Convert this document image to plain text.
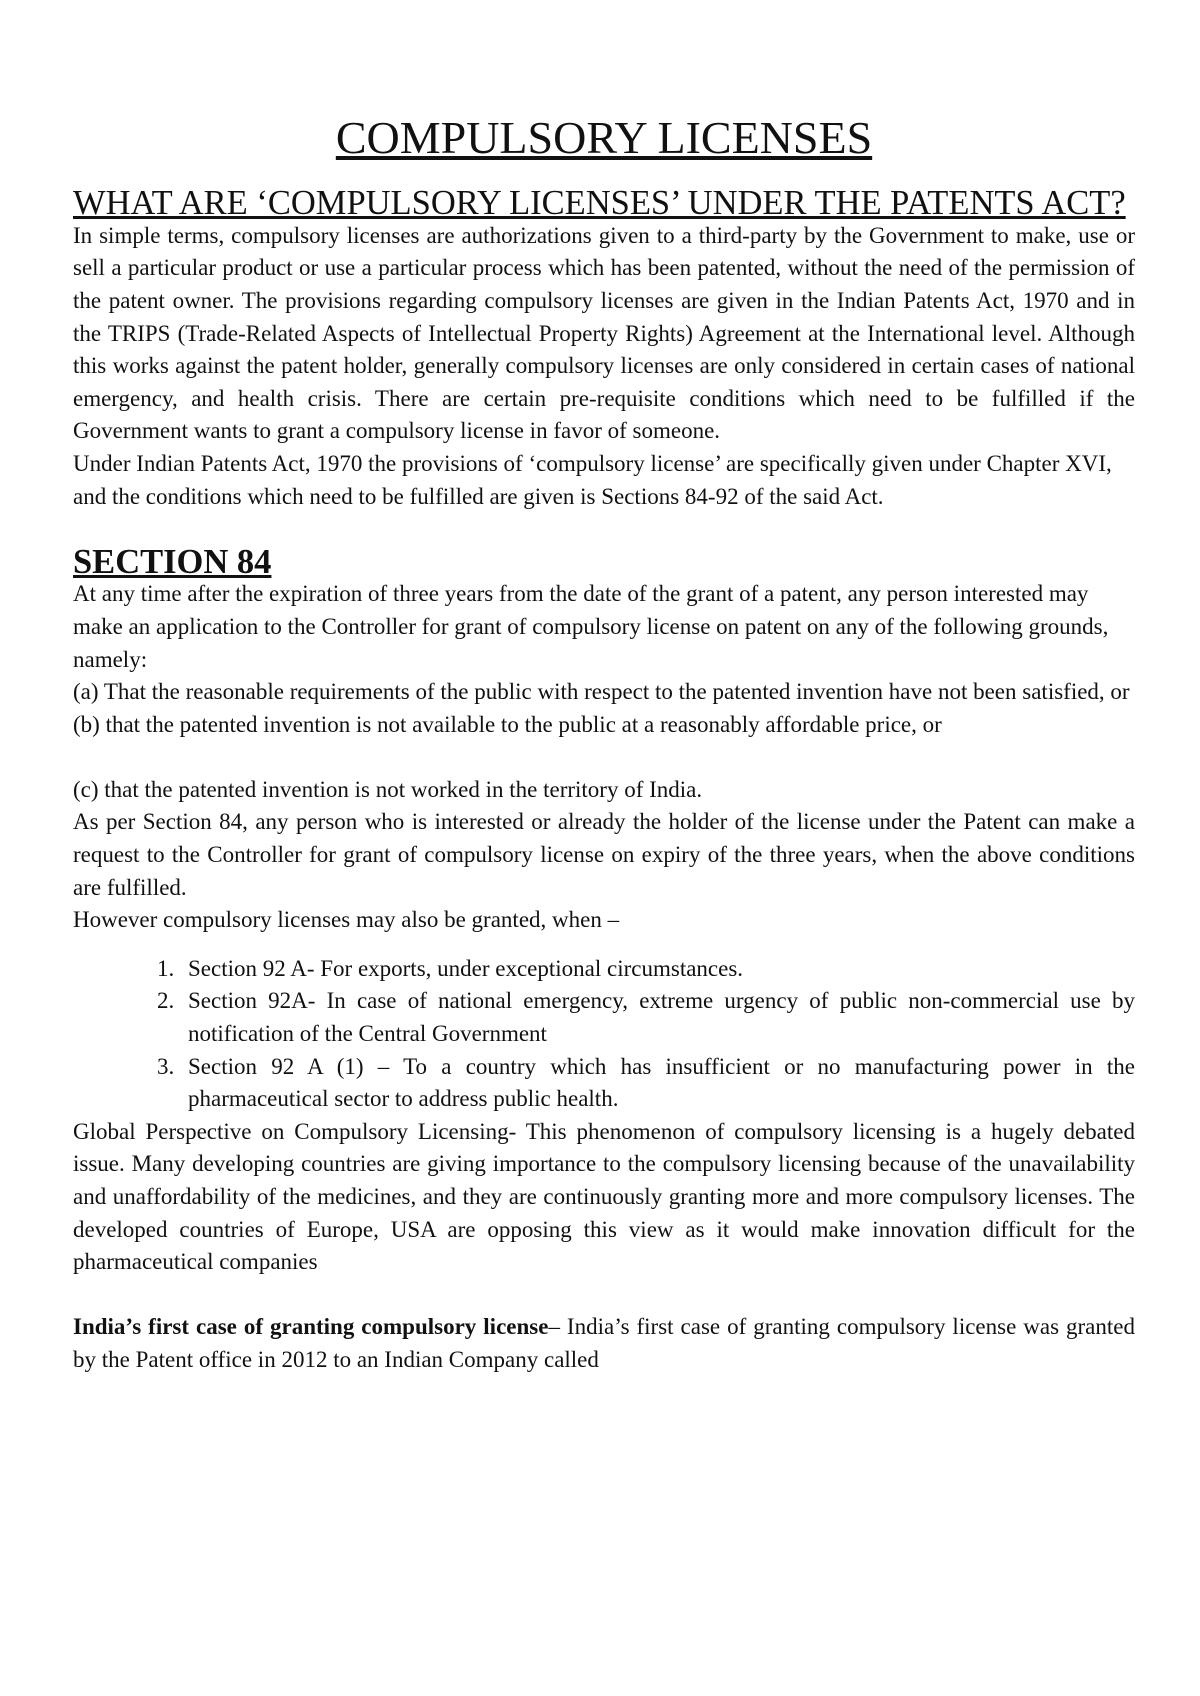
COMPULSORY LICENSES
WHAT ARE ‘COMPULSORY LICENSES’ UNDER THE PATENTS ACT?

In simple terms, compulsory licenses are authorizations given to a third-party by the Government to make, use or sell a particular product or use a particular process which has been patented, without the need of the permission of the patent owner. The provisions regarding compulsory licenses are given in the Indian Patents Act, 1970 and in the TRIPS (Trade-Related Aspects of Intellectual Property Rights) Agreement at the International level. Although this works against the patent holder, generally compulsory licenses are only considered in certain cases of national emergency, and health crisis. There are certain pre-requisite conditions which need to be fulfilled if the Government wants to grant a compulsory license in favor of someone.

Under Indian Patents Act, 1970 the provisions of ‘compulsory license’ are specifically given under Chapter XVI, and the conditions which need to be fulfilled are given is Sections 84-92 of the said Act.

SECTION 84

At any time after the expiration of three years from the date of the grant of a patent, any person interested may make an application to the Controller for grant of compulsory license on patent on any of the following grounds, namely:

(a) That the reasonable requirements of the public with respect to the patented invention have not been satisfied, or

(b) that the patented invention is not available to the public at a reasonably affordable price, or

(c) that the patented invention is not worked in the territory of India.

As per Section 84, any person who is interested or already the holder of the license under the Patent can make a request to the Controller for grant of compulsory license on expiry of the three years, when the above conditions are fulfilled.

However compulsory licenses may also be granted, when –

1. Section 92 A- For exports, under exceptional circumstances.
2. Section 92A- In case of national emergency, extreme urgency of public non-commercial use by notification of the Central Government
3. Section 92 A (1) – To a country which has insufficient or no manufacturing power in the pharmaceutical sector to address public health.

Global Perspective on Compulsory Licensing- This phenomenon of compulsory licensing is a hugely debated issue. Many developing countries are giving importance to the compulsory licensing because of the unavailability and unaffordability of the medicines, and they are continuously granting more and more compulsory licenses. The developed countries of Europe, USA are opposing this view as it would make innovation difficult for the pharmaceutical companies

India’s first case of granting compulsory license– India’s first case of granting compulsory license was granted by the Patent office in 2012 to an Indian Company called
